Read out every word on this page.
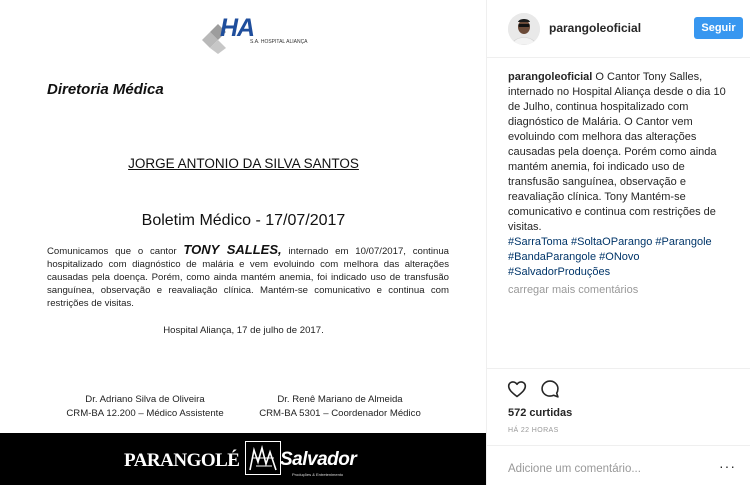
HA
S.A. HOSPITAL ALIANÇA
Diretoria Médica
JORGE ANTONIO DA SILVA SANTOS
Boletim Médico - 17/07/2017
Comunicamos que o cantor TONY SALLES, internado em 10/07/2017, continua hospitalizado com diagnóstico de malária e vem evoluindo com melhora das alterações causadas pela doença. Porém, como ainda mantém anemia, foi indicado uso de transfusão sanguínea, observação e reavaliação clínica. Mantém-se comunicativo e continua com restrições de visitas.
Hospital Aliança, 17 de julho de 2017.
Dr. Adriano Silva de Oliveira
CRM-BA 12.200 – Médico Assistente
Dr. Renê Mariano de Almeida
CRM-BA 5301 – Coordenador Médico
PARANGOLÉ Salvador
Produções & Entretenimento
parangoleoficial	Seguir
parangoleoficial O Cantor Tony Salles, internado no Hospital Aliança desde o dia 10 de Julho, continua hospitalizado com diagnóstico de Malária. O Cantor vem evoluindo com melhora das alterações causadas pela doença. Porém como ainda mantém anemia, foi indicado uso de transfusão sanguínea, observação e reavaliação clínica. Tony Mantém-se comunicativo e continua com restrições de visitas.
#SarraToma #SoltaOParango #Parangole #BandaParangole #ONovo #SalvadorProduções
carregar mais comentários
572 curtidas
HÁ 22 HORAS
Adicione um comentário...
···
